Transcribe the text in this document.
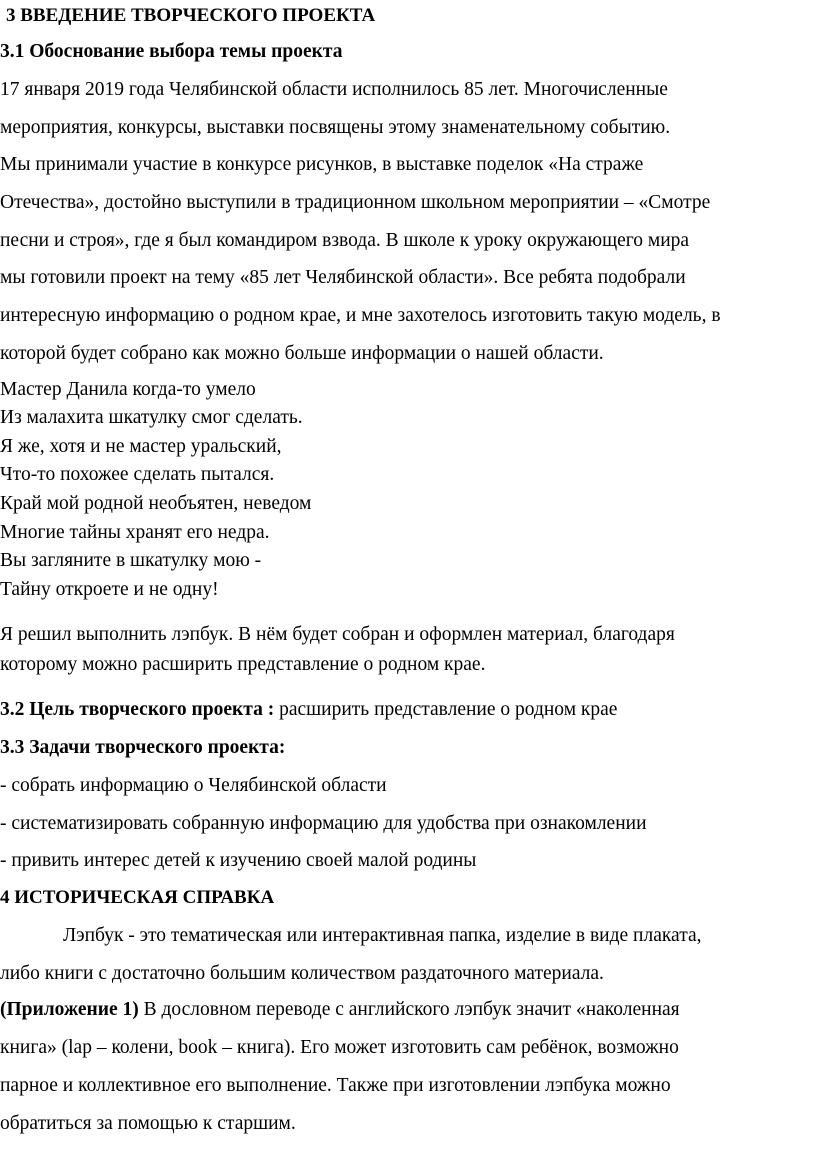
3 ВВЕДЕНИЕ ТВОРЧЕСКОГО ПРОЕКТА
3.1 Обоснование выбора темы проекта
17 января 2019 года Челябинской области исполнилось 85 лет. Многочисленные
мероприятия, конкурсы, выставки посвящены этому знаменательному событию.
Мы принимали участие в конкурсе рисунков, в выставке поделок «На страже
Отечества», достойно выступили в традиционном школьном мероприятии – «Смотре
песни и строя», где я был командиром взвода. В школе к уроку окружающего мира
мы готовили проект на тему «85 лет Челябинской области». Все ребята подобрали
интересную информацию о родном крае, и мне захотелось изготовить такую модель, в
которой будет собрано как можно больше информации о нашей области.
Мастер Данила когда-то умело
Из малахита шкатулку смог сделать.
Я же, хотя и не мастер уральский,
Что-то похожее сделать пытался.
Край мой родной необъятен, неведом
Многие тайны хранят его недра.
Вы загляните в шкатулку мою -
Тайну откроете и не одну!
Я решил выполнить лэпбук. В нём будет собран и оформлен материал, благодаря
которому можно расширить представление о родном крае.
3.2 Цель творческого проекта : расширить представление о родном крае
3.3 Задачи творческого проекта:
- собрать информацию о Челябинской области
- систематизировать собранную информацию для удобства при ознакомлении
- привить интерес детей к изучению своей малой родины
4 ИСТОРИЧЕСКАЯ СПРАВКА
Лэпбук - это тематическая или интерактивная папка, изделие в виде плаката,
либо книги с достаточно большим количеством раздаточного материала.
(Приложение 1) В дословном переводе с английского лэпбук значит «наколенная
книга» (lap – колени, book – книга). Его может изготовить сам ребёнок, возможно
парное и коллективное его выполнение. Также при изготовлении лэпбука можно
обратиться за помощью к старшим.
